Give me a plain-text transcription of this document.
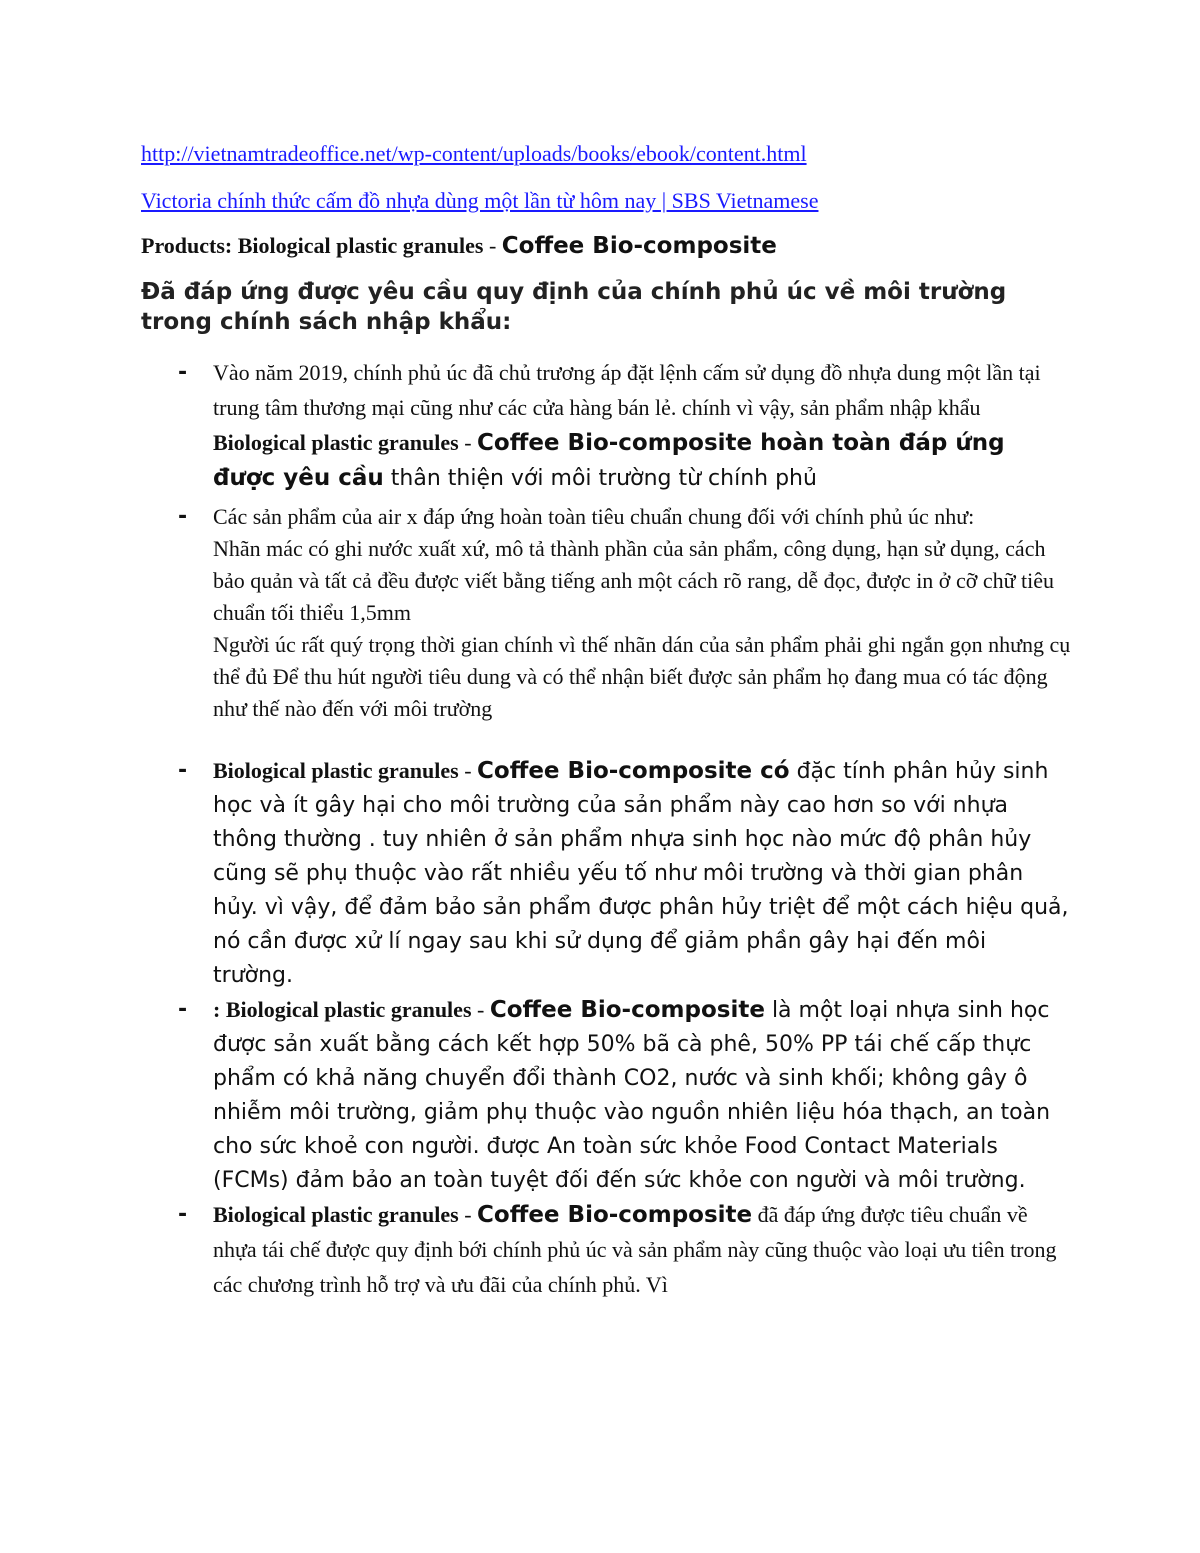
http://vietnamtradeoffice.net/wp-content/uploads/books/ebook/content.html
Victoria chính thức cấm đồ nhựa dùng một lần từ hôm nay | SBS Vietnamese

Products: Biological plastic granules - Coffee Bio-composite

Đã đáp ứng được yêu cầu quy định của chính phủ úc về môi trường trong chính sách nhập khẩu:

- Vào năm 2019, chính phủ úc đã chủ trương áp đặt lệnh cấm sử dụng đồ nhựa dung một lần tại trung tâm thương mại cũng như các cửa hàng bán lẻ. chính vì vậy, sản phẩm nhập khẩu Biological plastic granules - Coffee Bio-composite hoàn toàn đáp ứng được yêu cầu thân thiện với môi trường từ chính phủ
- Các sản phẩm của air x đáp ứng hoàn toàn tiêu chuẩn chung đối với chính phủ úc như:
Nhãn mác có ghi nước xuất xứ, mô tả thành phần của sản phẩm, công dụng, hạn sử dụng, cách bảo quản và tất cả đều được viết bằng tiếng anh một cách rõ rang, dễ đọc, được in ở cỡ chữ tiêu chuẩn tối thiểu 1,5mm
Người úc rất quý trọng thời gian chính vì thế nhãn dán của sản phẩm phải ghi ngắn gọn nhưng cụ thể đủ Để thu hút người tiêu dung và có thể nhận biết được sản phẩm họ đang mua có tác động như thế nào đến với môi trường
- Biological plastic granules - Coffee Bio-composite có đặc tính phân hủy sinh học và ít gây hại cho môi trường của sản phẩm này cao hơn so với nhựa thông thường . tuy nhiên ở sản phẩm nhựa sinh học nào mức độ phân hủy cũng sẽ phụ thuộc vào rất nhiều yếu tố như môi trường và thời gian phân hủy. vì vậy, để đảm bảo sản phẩm được phân hủy triệt để một cách hiệu quả, nó cần được xử lí ngay sau khi sử dụng để giảm phần gây hại đến môi trường.
- : Biological plastic granules - Coffee Bio-composite là một loại nhựa sinh học được sản xuất bằng cách kết hợp 50% bã cà phê, 50% PP tái chế cấp thực phẩm có khả năng chuyển đổi thành CO2, nước và sinh khối; không gây ô nhiễm môi trường, giảm phụ thuộc vào nguồn nhiên liệu hóa thạch, an toàn cho sức khoẻ con người. được An toàn sức khỏe Food Contact Materials (FCMs) đảm bảo an toàn tuyệt đối đến sức khỏe con người và môi trường.
- Biological plastic granules - Coffee Bio-composite đã đáp ứng được tiêu chuẩn về nhựa tái chế được quy định bới chính phủ úc và sản phẩm này cũng thuộc vào loại ưu tiên trong các chương trình hỗ trợ và ưu đãi của chính phủ. Vì
